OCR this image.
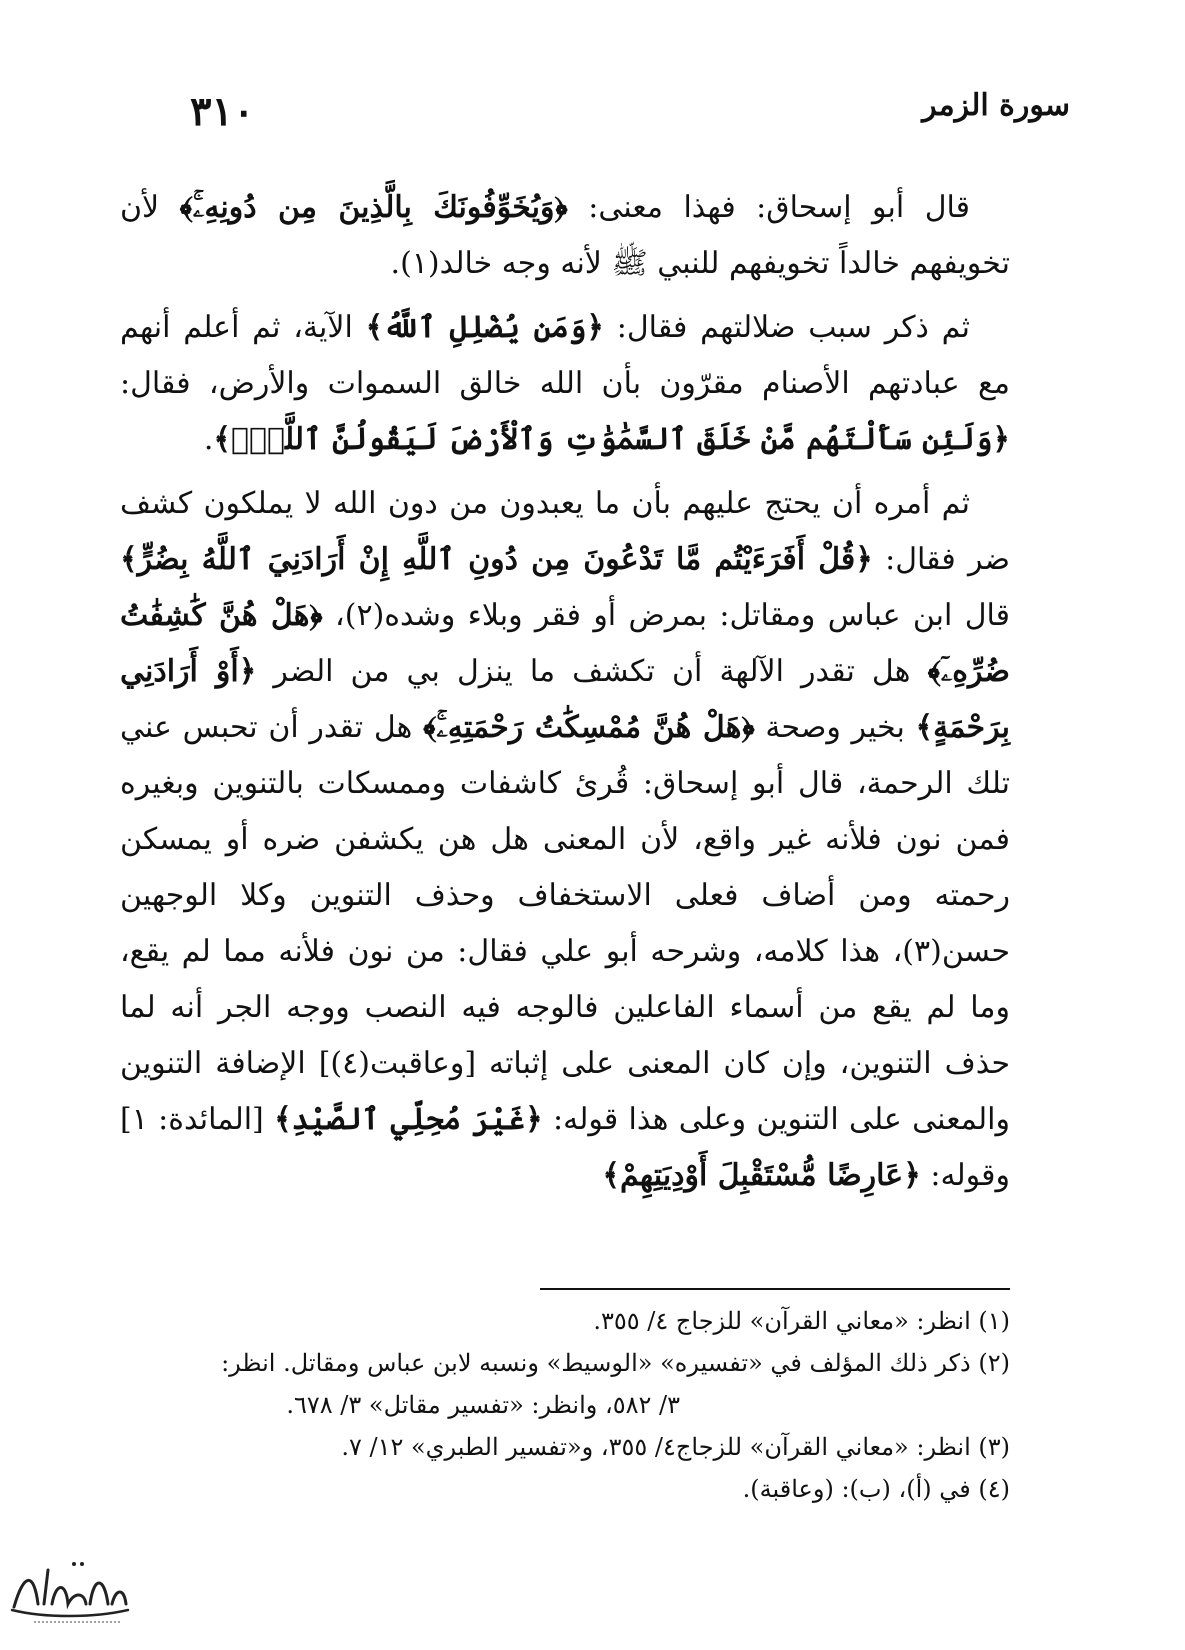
٣١٠	سورة الزمر

قال أبو إسحاق: فهذا معنى: ﴿وَيُخَوِّفُونَكَ بِالَّذِينَ مِن دُونِهِۦۚ﴾ لأن تخويفهم خالداً تخويفهم للنبي ﷺ لأنه وجه خالد(١).

ثم ذكر سبب ضلالتهم فقال: ﴿وَمَن يُضْلِلِ ٱللَّهُ﴾ الآية، ثم أعلم أنهم مع عبادتهم الأصنام مقرّون بأن الله خالق السموات والأرض، فقال: ﴿وَلَئِن سَأَلْتَهُم مَّنْ خَلَقَ ٱلسَّمَٰوَٰتِ وَٱلْأَرْضَ لَيَقُولُنَّ ٱللَّهُۚ﴾.

ثم أمره أن يحتج عليهم بأن ما يعبدون من دون الله لا يملكون كشف ضر فقال: ﴿قُلْ أَفَرَءَيْتُم مَّا تَدْعُونَ مِن دُونِ ٱللَّهِ إِنْ أَرَادَنِيَ ٱللَّهُ بِضُرٍّ﴾ قال ابن عباس ومقاتل: بمرض أو فقر وبلاء وشده(٢)، ﴿هَلْ هُنَّ كَٰشِفَٰتُ ضُرِّهِۦٓ﴾ هل تقدر الآلهة أن تكشف ما ينزل بي من الضر ﴿أَوْ أَرَادَنِي بِرَحْمَةٍ﴾ بخير وصحة ﴿هَلْ هُنَّ مُمْسِكَٰتُ رَحْمَتِهِۦۚ﴾ هل تقدر أن تحبس عني تلك الرحمة، قال أبو إسحاق: قُرئ كاشفات وممسكات بالتنوين وبغيره فمن نون فلأنه غير واقع، لأن المعنى هل هن يكشفن ضره أو يمسكن رحمته ومن أضاف فعلى الاستخفاف وحذف التنوين وكلا الوجهين حسن(٣)، هذا كلامه، وشرحه أبو علي فقال: من نون فلأنه مما لم يقع، وما لم يقع من أسماء الفاعلين فالوجه فيه النصب ووجه الجر أنه لما حذف التنوين، وإن كان المعنى على إثباته [وعاقبت(٤)] الإضافة التنوين والمعنى على التنوين وعلى هذا قوله: ﴿غَيْرَ مُحِلِّي ٱلصَّيْدِ﴾ [المائدة: ١] وقوله: ﴿عَارِضًا مُّسْتَقْبِلَ أَوْدِيَتِهِمْ﴾

(١) انظر: «معاني القرآن» للزجاج ٤/ ٣٥٥.

(٢) ذكر ذلك المؤلف في «تفسيره» «الوسيط» ونسبه لابن عباس ومقاتل. انظر:

٣/ ٥٨٢، وانظر: «تفسير مقاتل» ٣/ ٦٧٨.

(٣) انظر: «معاني القرآن» للزجاج٤/ ٣٥٥، و«تفسير الطبري» ١٢/ ٧.

(٤) في (أ)، (ب): (وعاقبة).
